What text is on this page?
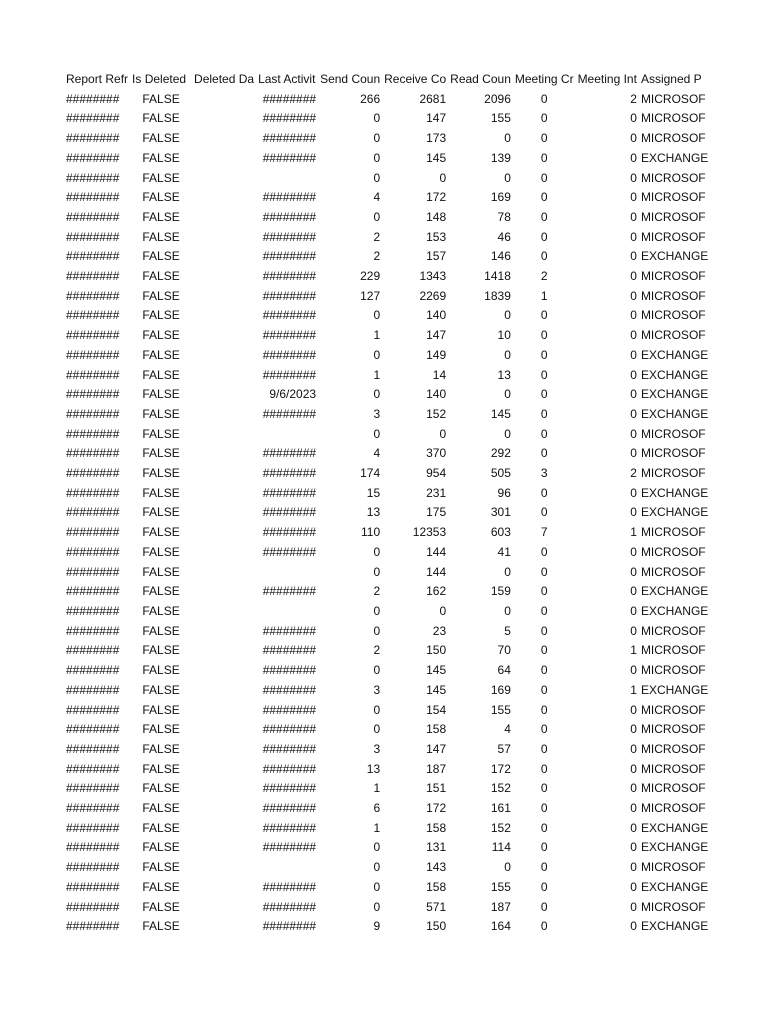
Report Refr	Is Deleted	Deleted Da	Last Activit	Send Coun	Receive Co	Read Coun	Meeting Cr	Meeting Int	Assigned P
########	FALSE		########	266	2681	2096	0	2	MICROSOF
########	FALSE		########	0	147	155	0	0	MICROSOF
########	FALSE		########	0	173	0	0	0	MICROSOF
########	FALSE		########	0	145	139	0	0	EXCHANGE
########	FALSE			0	0	0	0	0	MICROSOF
########	FALSE		########	4	172	169	0	0	MICROSOF
########	FALSE		########	0	148	78	0	0	MICROSOF
########	FALSE		########	2	153	46	0	0	MICROSOF
########	FALSE		########	2	157	146	0	0	EXCHANGE
########	FALSE		########	229	1343	1418	2	0	MICROSOF
########	FALSE		########	127	2269	1839	1	0	MICROSOF
########	FALSE		########	0	140	0	0	0	MICROSOF
########	FALSE		########	1	147	10	0	0	MICROSOF
########	FALSE		########	0	149	0	0	0	EXCHANGE
########	FALSE		########	1	14	13	0	0	EXCHANGE
########	FALSE		9/6/2023	0	140	0	0	0	EXCHANGE
########	FALSE		########	3	152	145	0	0	EXCHANGE
########	FALSE			0	0	0	0	0	MICROSOF
########	FALSE		########	4	370	292	0	0	MICROSOF
########	FALSE		########	174	954	505	3	2	MICROSOF
########	FALSE		########	15	231	96	0	0	EXCHANGE
########	FALSE		########	13	175	301	0	0	EXCHANGE
########	FALSE		########	110	12353	603	7	1	MICROSOF
########	FALSE		########	0	144	41	0	0	MICROSOF
########	FALSE			0	144	0	0	0	MICROSOF
########	FALSE		########	2	162	159	0	0	EXCHANGE
########	FALSE			0	0	0	0	0	EXCHANGE
########	FALSE		########	0	23	5	0	0	MICROSOF
########	FALSE		########	2	150	70	0	1	MICROSOF
########	FALSE		########	0	145	64	0	0	MICROSOF
########	FALSE		########	3	145	169	0	1	EXCHANGE
########	FALSE		########	0	154	155	0	0	MICROSOF
########	FALSE		########	0	158	4	0	0	MICROSOF
########	FALSE		########	3	147	57	0	0	MICROSOF
########	FALSE		########	13	187	172	0	0	MICROSOF
########	FALSE		########	1	151	152	0	0	MICROSOF
########	FALSE		########	6	172	161	0	0	MICROSOF
########	FALSE		########	1	158	152	0	0	EXCHANGE
########	FALSE		########	0	131	114	0	0	EXCHANGE
########	FALSE			0	143	0	0	0	MICROSOF
########	FALSE		########	0	158	155	0	0	EXCHANGE
########	FALSE		########	0	571	187	0	0	MICROSOF
########	FALSE		########	9	150	164	0	0	EXCHANGE
